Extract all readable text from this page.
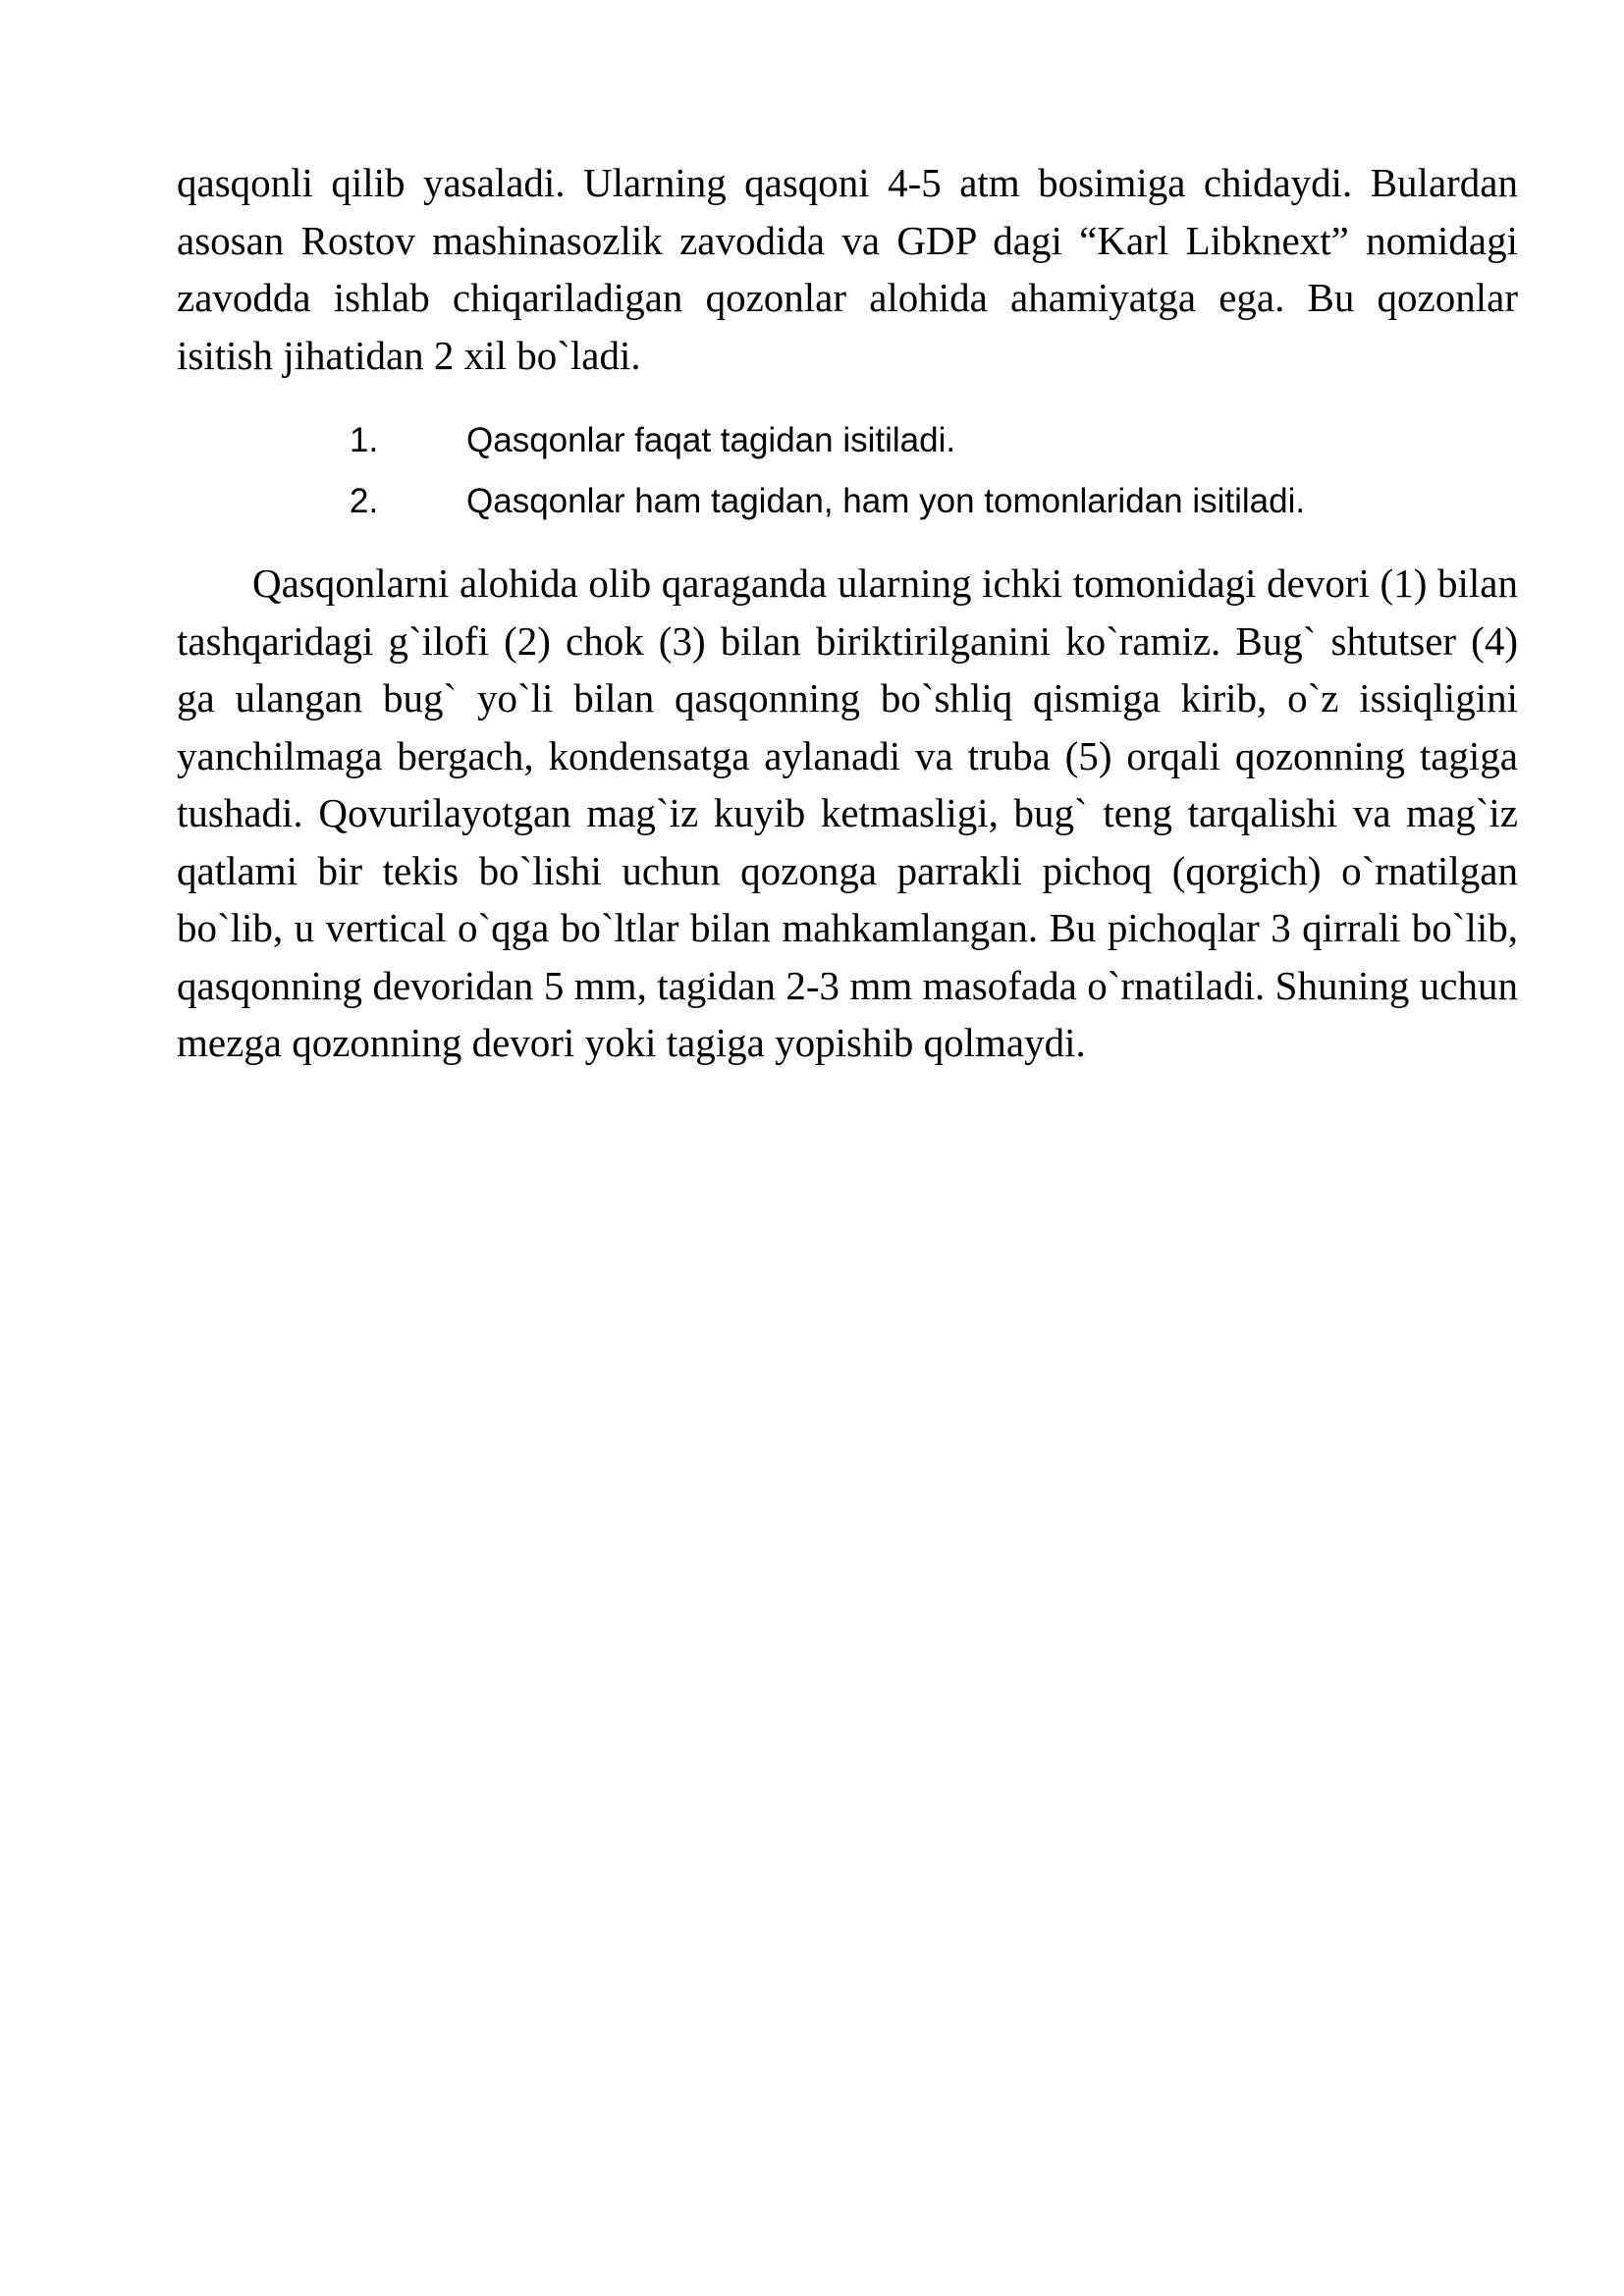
qasqonli qilib yasaladi. Ularning qasqoni 4-5 atm bosimiga chidaydi. Bulardan asosan Rostov mashinasozlik zavodida va GDP dagi “Karl Libknext” nomidagi zavodda ishlab chiqariladigan qozonlar alohida ahamiyatga ega. Bu qozonlar isitish jihatidan 2 xil bo`ladi.

1.	Qasqonlar faqat tagidan isitiladi.
2.	Qasqonlar ham tagidan, ham yon tomonlaridan isitiladi.

Qasqonlarni alohida olib qaraganda ularning ichki tomonidagi devori (1) bilan tashqaridagi g`ilofi (2) chok (3) bilan biriktirilganini ko`ramiz. Bug` shtutser (4) ga ulangan bug` yo`li bilan qasqonning bo`shliq qismiga kirib, o`z issiqligini yanchilmaga bergach, kondensatga aylanadi va truba (5) orqali qozonning tagiga tushadi. Qovurilayotgan mag`iz kuyib ketmasligi, bug` teng tarqalishi va mag`iz qatlami bir tekis bo`lishi uchun qozonga parrakli pichoq (qorgich) o`rnatilgan bo`lib, u vertical o`qga bo`ltlar bilan mahkamlangan. Bu pichoqlar 3 qirrali bo`lib, qasqonning devoridan 5 mm, tagidan 2-3 mm masofada o`rnatiladi. Shuning uchun mezga qozonning devori yoki tagiga yopishib qolmaydi.
